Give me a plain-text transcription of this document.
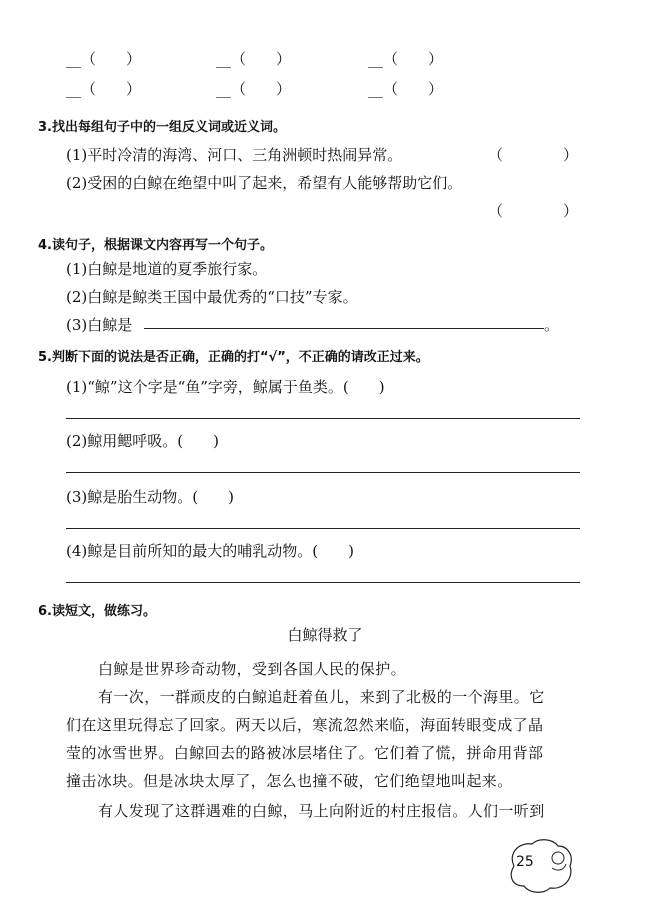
__（　　）	__（　　）	__（　　）
__（　　）	__（　　）	__（　　）
3.找出每组句子中的一组反义词或近义词。
(1)平时冷清的海湾、河口、三角洲顿时热闹异常。	（　　　　）
(2)受困的白鲸在绝望中叫了起来，希望有人能够帮助它们。
（　　　　）
4.读句子，根据课文内容再写一个句子。
(1)白鲸是地道的夏季旅行家。
(2)白鲸是鲸类王国中最优秀的“口技”专家。
(3)白鲸是	。
5.判断下面的说法是否正确，正确的打“√”，不正确的请改正过来。
(1)“鲸”这个字是“鱼”字旁，鲸属于鱼类。(　　)
(2)鲸用鳃呼吸。(　　)
(3)鲸是胎生动物。(　　)
(4)鲸是目前所知的最大的哺乳动物。(　　)
6.读短文，做练习。
白鲸得救了
白鲸是世界珍奇动物，受到各国人民的保护。
有一次，一群顽皮的白鲸追赶着鱼儿，来到了北极的一个海里。它
们在这里玩得忘了回家。两天以后，寒流忽然来临，海面转眼变成了晶
莹的冰雪世界。白鲸回去的路被冰层堵住了。它们着了慌，拼命用背部
撞击冰块。但是冰块太厚了，怎么也撞不破，它们绝望地叫起来。
有人发现了这群遇难的白鲸，马上向附近的村庄报信。人们一听到
25
